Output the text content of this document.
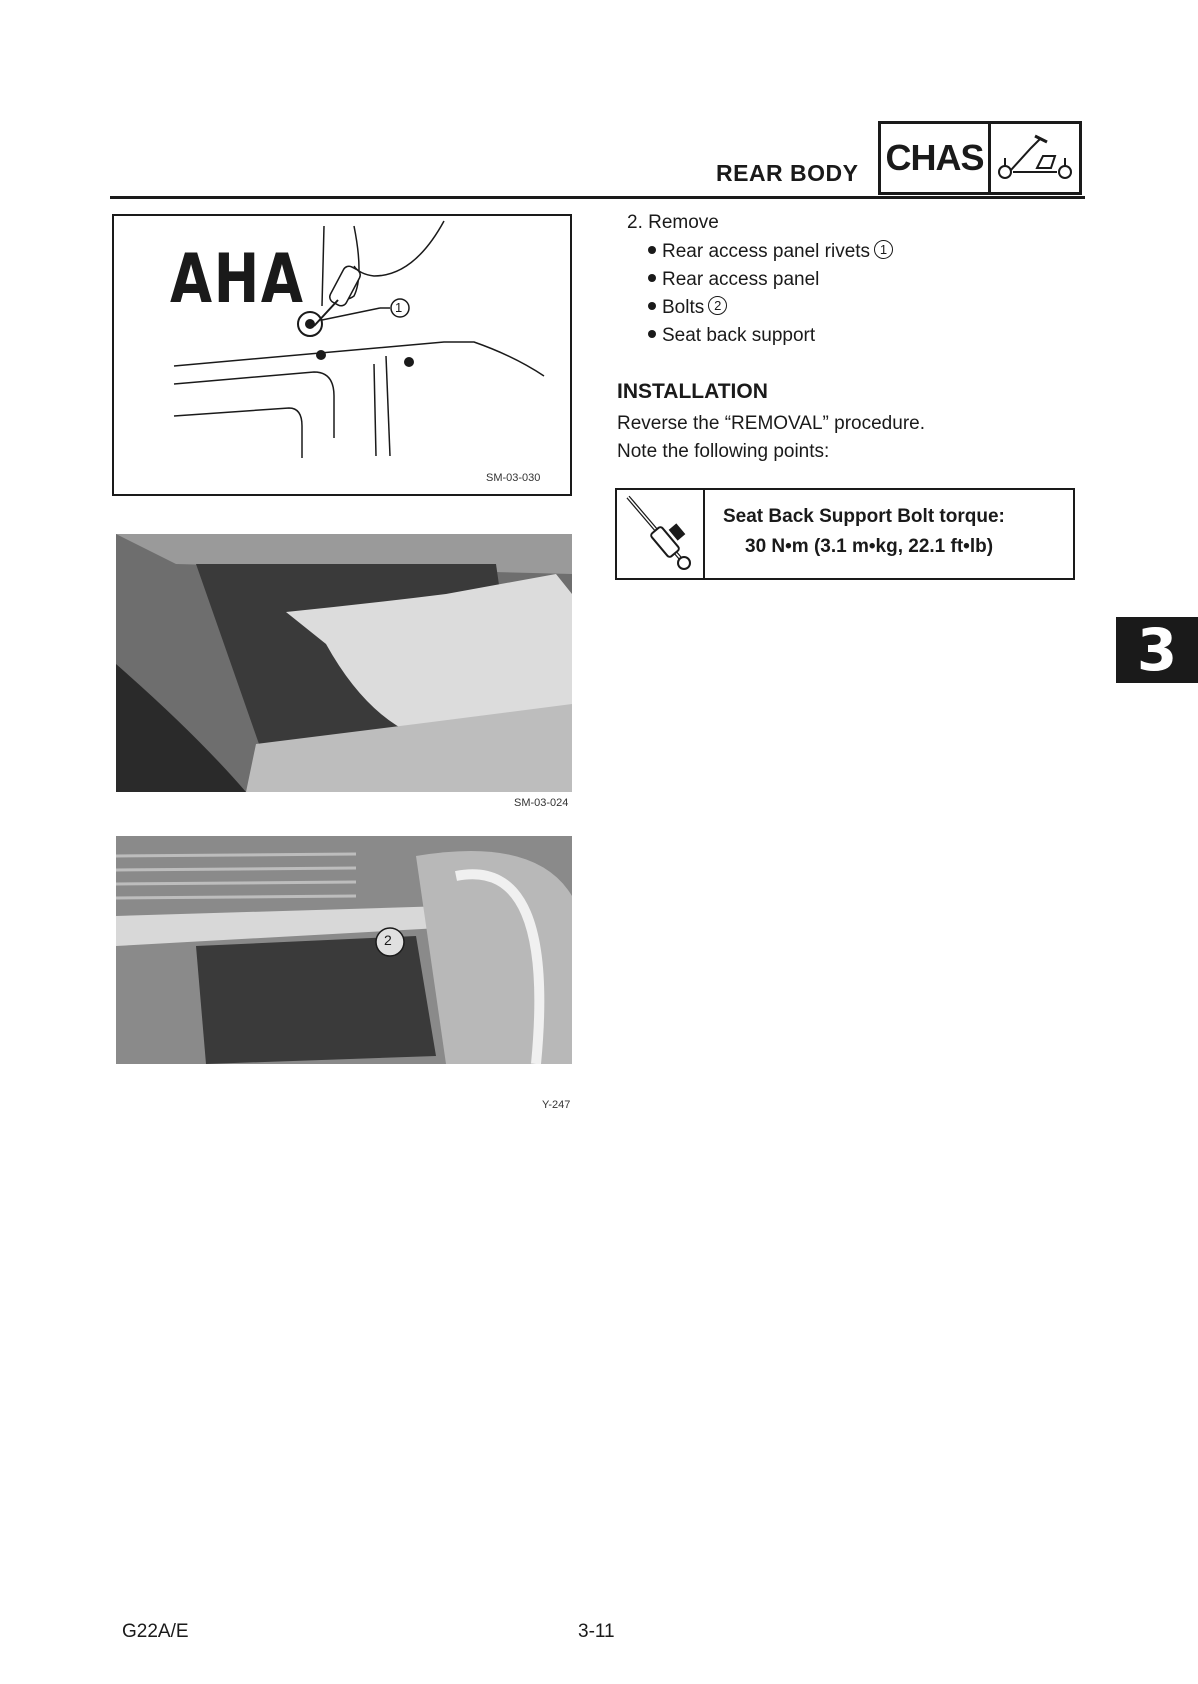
REAR BODY CHAS
1
SM-03-030
AHA
SM-03-024
2
Y-247
2. Remove
Rear access panel rivets 1
Rear access panel
Bolts 2
Seat back support
INSTALLATION
Reverse the “REMOVAL” procedure.
Note the following points:
Seat Back Support Bolt torque:
30 N•m (3.1 m•kg, 22.1 ft•lb)
3
G22A/E	3-11
